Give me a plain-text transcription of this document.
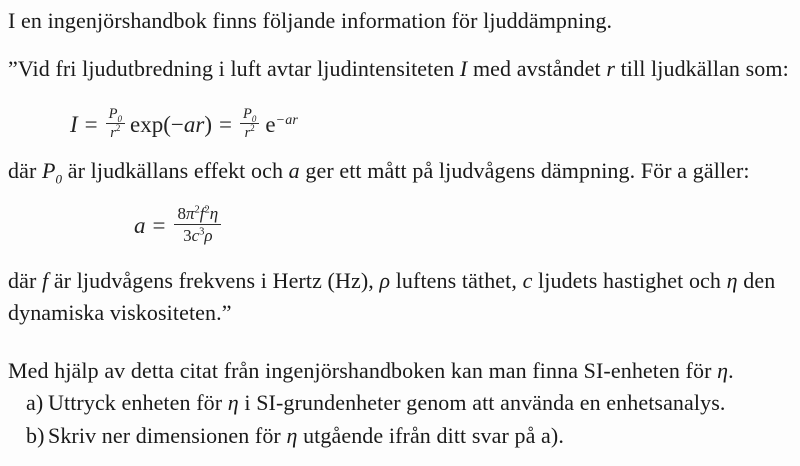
I en ingenjörshandbok finns följande information för ljuddämpning.
”Vid fri ljudutbredning i luft avtar ljudintensiteten I med avståndet r till ljudkällan som:
$I = \frac{P_0}{r^2} \exp(-ar) = \frac{P_0}{r^2} e^{-ar}$
där $P_0$ är ljudkällans effekt och a ger ett mått på ljudvågens dämpning. För a gäller:
$a = \frac{8\pi^2f^2\eta}{3c^3\rho}$
där f är ljudvågens frekvens i Hertz (Hz), ρ luftens täthet, c ljudets hastighet och η den
dynamiska viskositeten.”
Med hjälp av detta citat från ingenjörshandboken kan man finna SI-enheten för η.
a) Uttryck enheten för η i SI-grundenheter genom att använda en enhetsanalys.
b) Skriv ner dimensionen för η utgående ifrån ditt svar på a).
